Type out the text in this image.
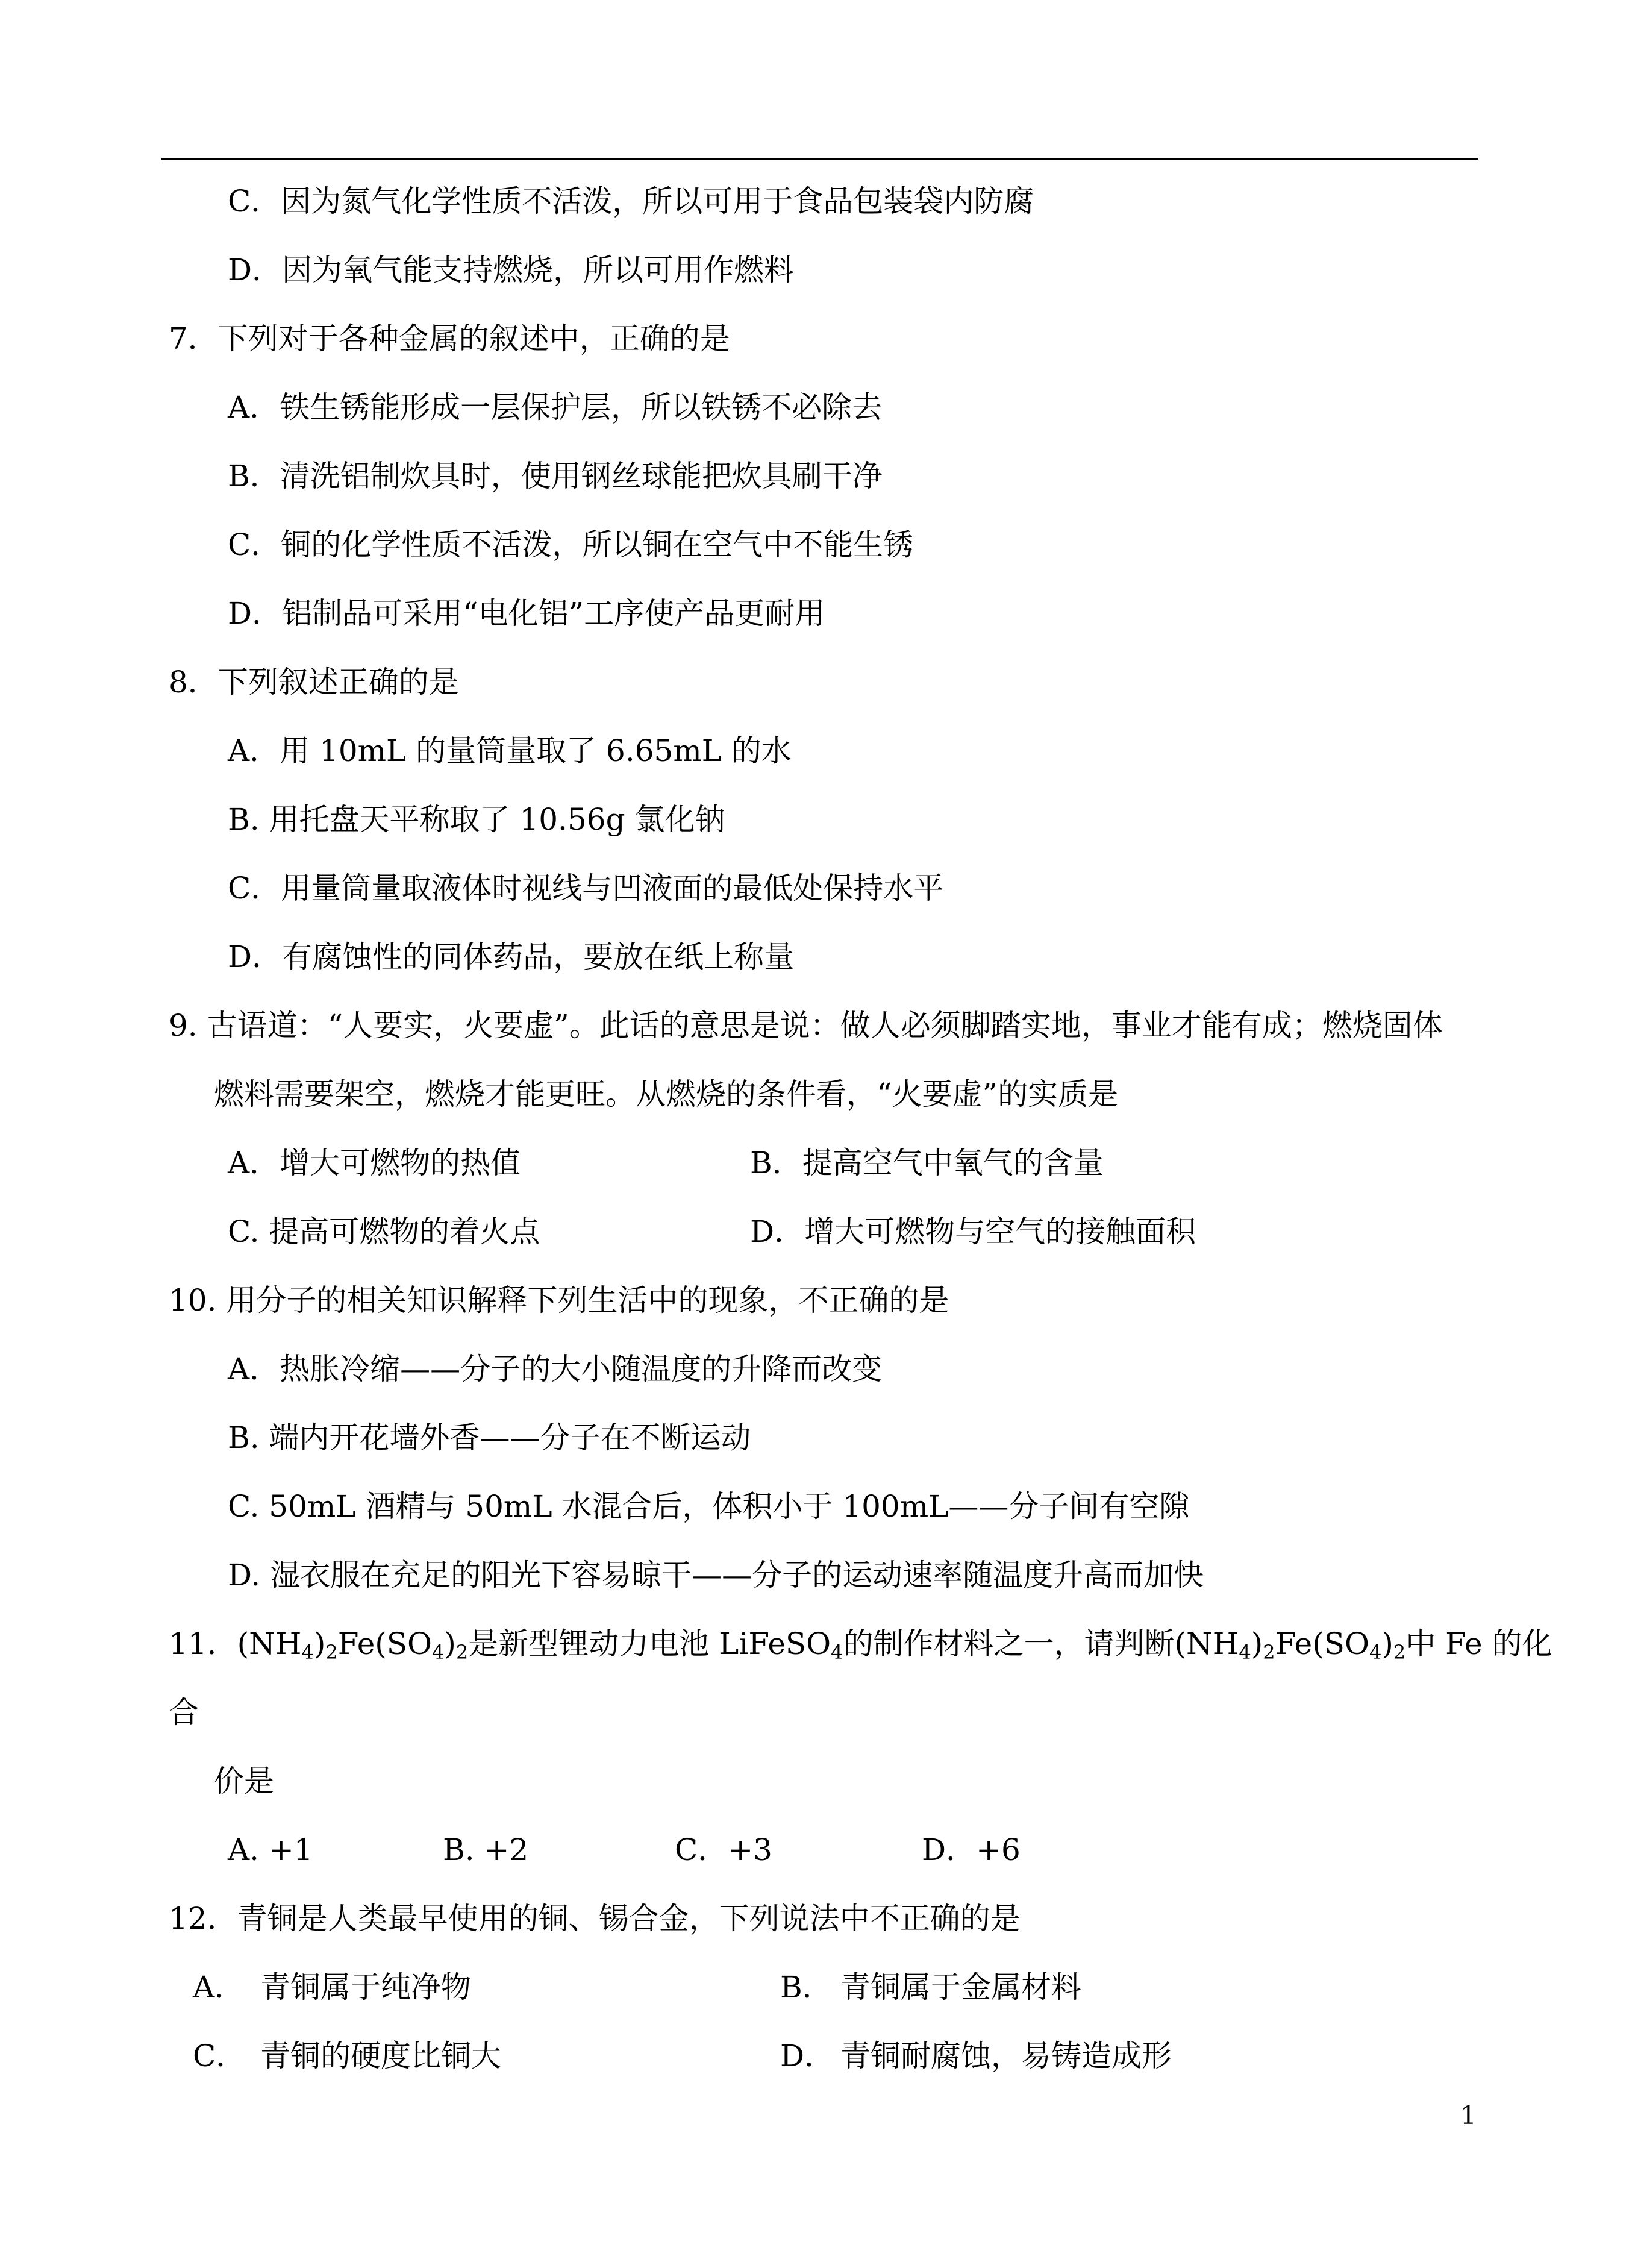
C．因为氮气化学性质不活泼，所以可用于食品包装袋内防腐
D．因为氧气能支持燃烧，所以可用作燃料
7．下列对于各种金属的叙述中，正确的是
A．铁生锈能形成一层保护层，所以铁锈不必除去
B．清洗铝制炊具时，使用钢丝球能把炊具刷干净
C．铜的化学性质不活泼，所以铜在空气中不能生锈
D．铝制品可采用“电化铝”工序使产品更耐用
8．下列叙述正确的是
A．用 10mL 的量筒量取了 6.65mL 的水
B. 用托盘天平称取了 10.56g 氯化钠
C．用量筒量取液体时视线与凹液面的最低处保持水平
D．有腐蚀性的同体药品，要放在纸上称量
9. 古语道：“人要实，火要虚”。此话的意思是说：做人必须脚踏实地，事业才能有成；燃烧固体
燃料需要架空，燃烧才能更旺。从燃烧的条件看，“火要虚”的实质是
A．增大可燃物的热值	B．提高空气中氧气的含量
C. 提高可燃物的着火点	D．增大可燃物与空气的接触面积
10. 用分子的相关知识解释下列生活中的现象，不正确的是
A．热胀冷缩——分子的大小随温度的升降而改变
B. 端内开花墙外香——分子在不断运动
C. 50mL 酒精与 50mL 水混合后，体积小于 100mL——分子间有空隙
D. 湿衣服在充足的阳光下容易晾干——分子的运动速率随温度升高而加快
11．$(NH_4)_2Fe(SO_4)_2$是新型锂动力电池 LiFeSO$_4$的制作材料之一，请判断$(NH_4)_2Fe(SO_4)_2$中 Fe 的化
合
价是
A. +1	B. +2	C．+3	D．+6
12．青铜是人类最早使用的铜、锡合金，下列说法中不正确的是
A． 青铜属于纯净物	B． 青铜属于金属材料
C． 青铜的硬度比铜大	D． 青铜耐腐蚀，易铸造成形
1
